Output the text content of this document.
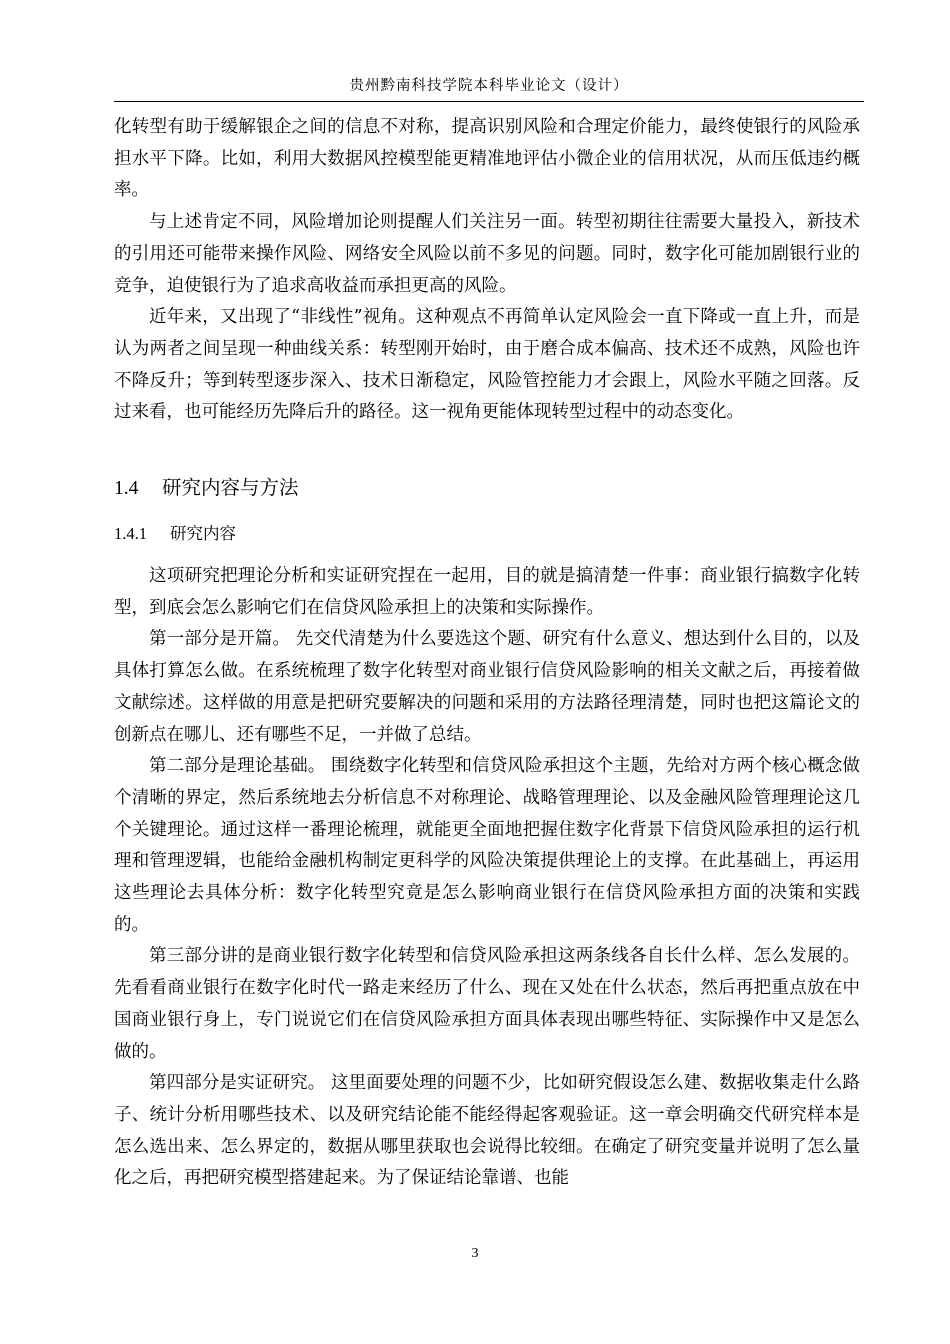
贵州黔南科技学院本科毕业论文（设计）

化转型有助于缓解银企之间的信息不对称，提高识别风险和合理定价能力，最终使银行的风险承担水平下降。比如，利用大数据风控模型能更精准地评估小微企业的信用状况，从而压低违约概率。

与上述肯定不同，风险增加论则提醒人们关注另一面。转型初期往往需要大量投入，新技术的引用还可能带来操作风险、网络安全风险以前不多见的问题。同时，数字化可能加剧银行业的竞争，迫使银行为了追求高收益而承担更高的风险。

近年来，又出现了“非线性”视角。这种观点不再简单认定风险会一直下降或一直上升，而是认为两者之间呈现一种曲线关系：转型刚开始时，由于磨合成本偏高、技术还不成熟，风险也许不降反升；等到转型逐步深入、技术日渐稳定，风险管控能力才会跟上，风险水平随之回落。反过来看，也可能经历先降后升的路径。这一视角更能体现转型过程中的动态变化。

1.4 研究内容与方法
1.4.1 研究内容

这项研究把理论分析和实证研究捏在一起用，目的就是搞清楚一件事：商业银行搞数字化转型，到底会怎么影响它们在信贷风险承担上的决策和实际操作。

第一部分是开篇。 先交代清楚为什么要选这个题、研究有什么意义、想达到什么目的，以及具体打算怎么做。在系统梳理了数字化转型对商业银行信贷风险影响的相关文献之后，再接着做文献综述。这样做的用意是把研究要解决的问题和采用的方法路径理清楚，同时也把这篇论文的创新点在哪儿、还有哪些不足，一并做了总结。

第二部分是理论基础。 围绕数字化转型和信贷风险承担这个主题，先给对方两个核心概念做个清晰的界定，然后系统地去分析信息不对称理论、战略管理理论、以及金融风险管理理论这几个关键理论。通过这样一番理论梳理，就能更全面地把握住数字化背景下信贷风险承担的运行机理和管理逻辑，也能给金融机构制定更科学的风险决策提供理论上的支撑。在此基础上，再运用这些理论去具体分析：数字化转型究竟是怎么影响商业银行在信贷风险承担方面的决策和实践的。

第三部分讲的是商业银行数字化转型和信贷风险承担这两条线各自长什么样、怎么发展的。先看看商业银行在数字化时代一路走来经历了什么、现在又处在什么状态，然后再把重点放在中国商业银行身上，专门说说它们在信贷风险承担方面具体表现出哪些特征、实际操作中又是怎么做的。

第四部分是实证研究。 这里面要处理的问题不少，比如研究假设怎么建、数据收集走什么路子、统计分析用哪些技术、以及研究结论能不能经得起客观验证。这一章会明确交代研究样本是怎么选出来、怎么界定的，数据从哪里获取也会说得比较细。在确定了研究变量并说明了怎么量化之后，再把研究模型搭建起来。为了保证结论靠谱、也能

3
